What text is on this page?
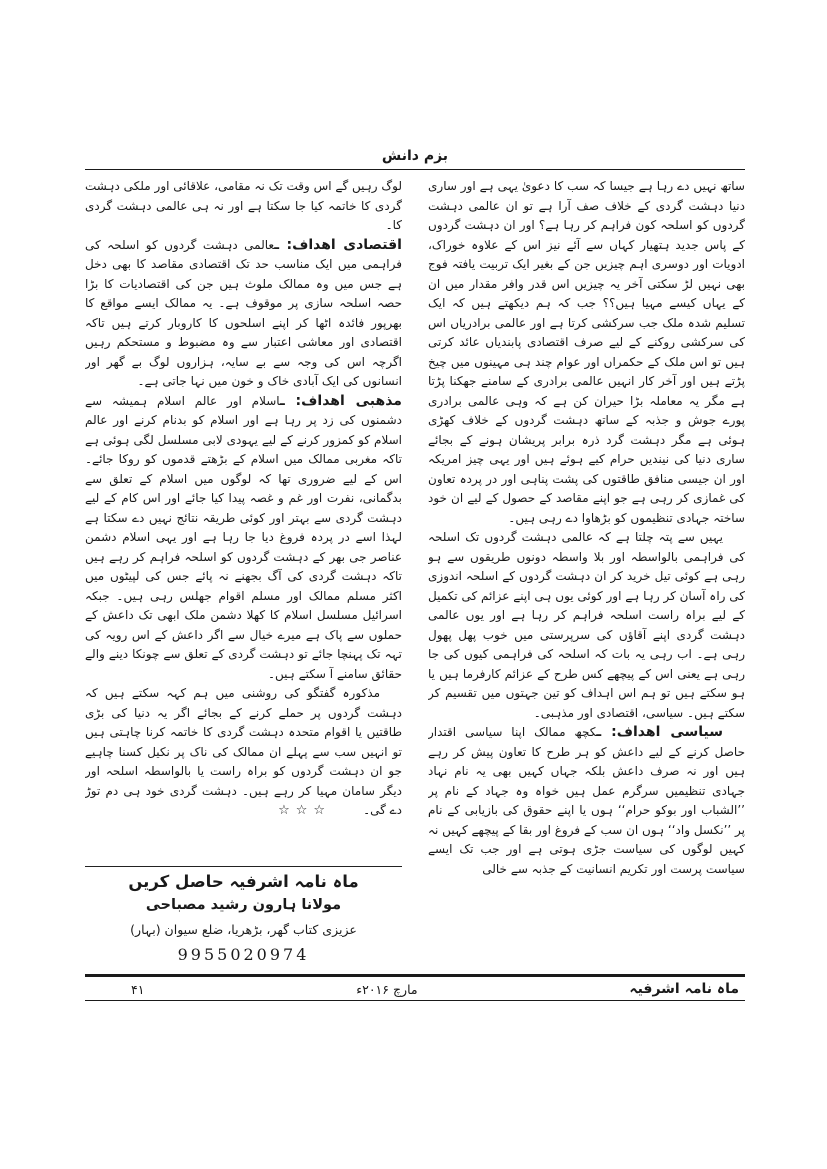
بزم دانش

ساتھ نہیں دے رہا ہے جیسا کہ سب کا دعویٰ یہی ہے اور ساری دنیا دہشت گردی کے خلاف صف آرا ہے تو ان عالمی دہشت گردوں کو اسلحہ کون فراہم کر رہا ہے؟ اور ان دہشت گردوں کے پاس جدید ہتھیار کہاں سے آئے نیز اس کے علاوہ خوراک، ادویات اور دوسری اہم چیزیں جن کے بغیر ایک تربیت یافتہ فوج بھی نہیں لڑ سکتی آخر یہ چیزیں اس قدر وافر مقدار میں ان کے یہاں کیسے مہیا ہیں؟؟ جب کہ ہم دیکھتے ہیں کہ ایک تسلیم شدہ ملک جب سرکشی کرتا ہے اور عالمی برادریاں اس کی سرکشی روکنے کے لیے صرف اقتصادی پابندیاں عائد کرتی ہیں تو اس ملک کے حکمراں اور عوام چند ہی مہینوں میں چیخ پڑتے ہیں اور آخر کار انہیں عالمی برادری کے سامنے جھکنا پڑتا ہے مگر یہ معاملہ بڑا حیران کن ہے کہ وہی عالمی برادری پورے جوش و جذبہ کے ساتھ دہشت گردوں کے خلاف کھڑی ہوئی ہے مگر دہشت گرد ذرہ برابر پریشان ہونے کے بجائے ساری دنیا کی نیندیں حرام کیے ہوئے ہیں اور یہی چیز امریکہ اور ان جیسی منافق طاقتوں کی پشت پناہی اور در پردہ تعاون کی غمازی کر رہی ہے جو اپنے مقاصد کے حصول کے لیے ان خود ساختہ جہادی تنظیموں کو بڑھاوا دے رہی ہیں۔

یہیں سے پتہ چلتا ہے کہ عالمی دہشت گردوں تک اسلحہ کی فراہمی بالواسطہ اور بلا واسطہ دونوں طریقوں سے ہو رہی ہے کوئی تیل خرید کر ان دہشت گردوں کے اسلحہ اندوزی کی راہ آسان کر رہا ہے اور کوئی یوں ہی اپنے عزائم کی تکمیل کے لیے براہ راست اسلحہ فراہم کر رہا ہے اور یوں عالمی دہشت گردی اپنے آقاؤں کی سرپرستی میں خوب پھل پھول رہی ہے۔ اب رہی یہ بات کہ اسلحہ کی فراہمی کیوں کی جا رہی ہے یعنی اس کے پیچھے کس طرح کے عزائم کارفرما ہیں یا ہو سکتے ہیں تو ہم اس اہداف کو تین جہتوں میں تقسیم کر سکتے ہیں۔ سیاسی، اقتصادی اور مذہبی۔

سیاسی اهداف: ـکچھ ممالک اپنا سیاسی اقتدار حاصل کرنے کے لیے داعش کو ہر طرح کا تعاون پیش کر رہے ہیں اور نہ صرف داعش بلکہ جہاں کہیں بھی یہ نام نہاد جہادی تنظیمیں سرگرم عمل ہیں خواہ وہ جہاد کے نام پر ’’الشباب اور بوکو حرام‘‘ ہوں یا اپنے حقوق کی بازیابی کے نام پر ’’نکسل واد‘‘ ہوں ان سب کے فروغ اور بقا کے پیچھے کہیں نہ کہیں لوگوں کی سیاست جڑی ہوتی ہے اور جب تک ایسے سیاست پرست اور تکریم انسانیت کے جذبہ سے خالی

لوگ رہیں گے اس وقت تک نہ مقامی، علاقائی اور ملکی دہشت گردی کا خاتمہ کیا جا سکتا ہے اور نہ ہی عالمی دہشت گردی کا۔

اقتصادی اهداف: ـعالمی دہشت گردوں کو اسلحہ کی فراہمی میں ایک مناسب حد تک اقتصادی مقاصد کا بھی دخل ہے جس میں وہ ممالک ملوث ہیں جن کی اقتصادیات کا بڑا حصہ اسلحہ سازی پر موقوف ہے۔ یہ ممالک ایسے مواقع کا بھرپور فائدہ اٹھا کر اپنے اسلحوں کا کاروبار کرتے ہیں تاکہ اقتصادی اور معاشی اعتبار سے وہ مضبوط و مستحکم رہیں اگرچہ اس کی وجہ سے بے سایہ، ہزاروں لوگ بے گھر اور انسانوں کی ایک آبادی خاک و خون میں نہا جاتی ہے۔

مذهبی اهداف: ـاسلام اور عالم اسلام ہمیشہ سے دشمنوں کی زد پر رہا ہے اور اسلام کو بدنام کرنے اور عالم اسلام کو کمزور کرنے کے لیے یہودی لابی مسلسل لگی ہوئی ہے تاکہ مغربی ممالک میں اسلام کے بڑھتے قدموں کو روکا جائے۔ اس کے لیے ضروری تھا کہ لوگوں میں اسلام کے تعلق سے بدگمانی، نفرت اور غم و غصہ پیدا کیا جائے اور اس کام کے لیے دہشت گردی سے بہتر اور کوئی طریقہ نتائج نہیں دے سکتا ہے لہذا اسے در پردہ فروغ دیا جا رہا ہے اور یہی اسلام دشمن عناصر جی بھر کے دہشت گردوں کو اسلحہ فراہم کر رہے ہیں تاکہ دہشت گردی کی آگ بجھنے نہ پائے جس کی لپیٹوں میں اکثر مسلم ممالک اور مسلم اقوام جھلس رہی ہیں۔ جبکہ اسرائیل مسلسل اسلام کا کھلا دشمن ملک ابھی تک داعش کے حملوں سے پاک ہے میرے خیال سے اگر داعش کے اس رویہ کی تہہ تک پہنچا جائے تو دہشت گردی کے تعلق سے چونکا دینے والے حقائق سامنے آ سکتے ہیں۔

مذکورہ گفتگو کی روشنی میں ہم کہہ سکتے ہیں کہ دہشت گردوں پر حملے کرنے کے بجائے اگر یہ دنیا کی بڑی طاقتیں یا اقوام متحدہ دہشت گردی کا خاتمہ کرنا چاہتی ہیں تو انہیں سب سے پہلے ان ممالک کی ناک پر نکیل کسنا چاہیے جو ان دہشت گردوں کو براہ راست یا بالواسطہ اسلحہ اور دیگر سامان مہیا کر رہے ہیں۔ دہشت گردی خود ہی دم توڑ دے گی۔☆☆☆

ماہ نامہ اشرفیہ حاصل کریں
مولانا ہارون رشید مصباحی
عزیزی کتاب گھر، بڑھریا، ضلع سیوان (بہار)
9955020974
ماہ نامہ اشرفیہ
مارچ ۲۰۱۶ء
۴۱
